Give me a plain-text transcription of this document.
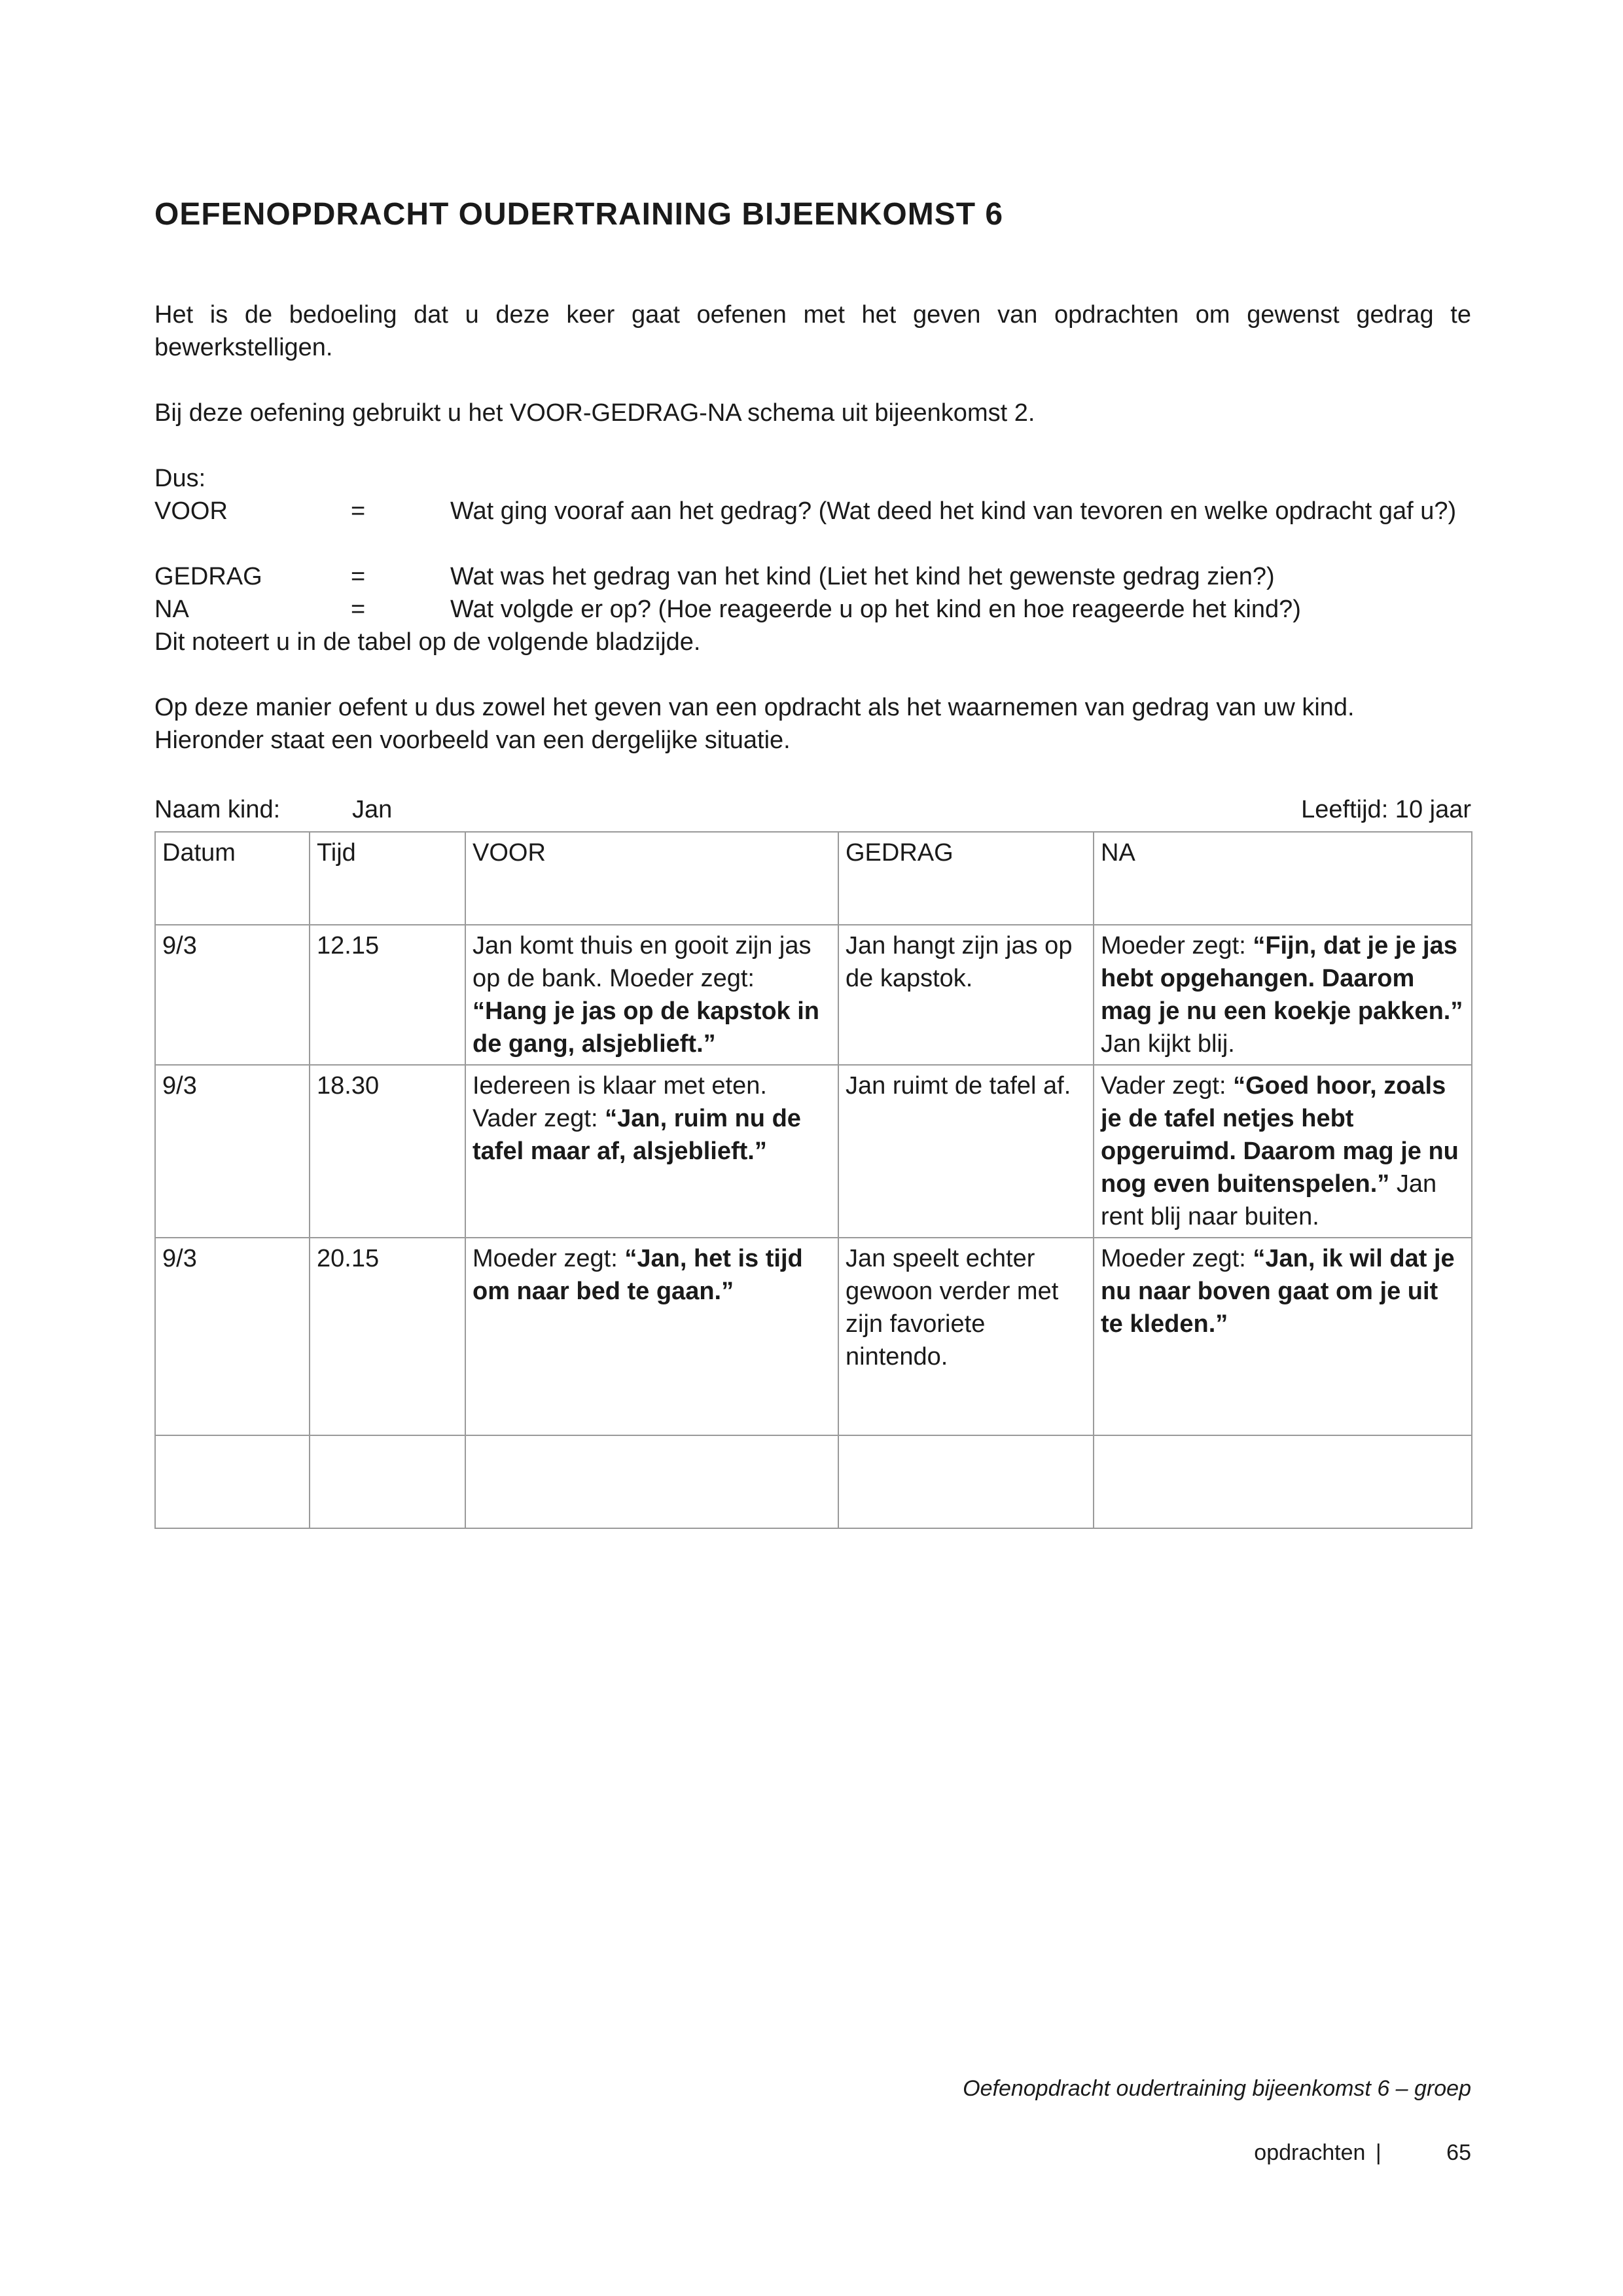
OEFENOPDRACHT OUDERTRAINING BIJEENKOMST 6

Het is de bedoeling dat u deze keer gaat oefenen met het geven van opdrachten om gewenst gedrag te bewerkstelligen.

Bij deze oefening gebruikt u het VOOR-GEDRAG-NA schema uit bijeenkomst 2.

Dus:

VOOR	=	Wat ging vooraf aan het gedrag? (Wat deed het kind van tevoren en welke opdracht gaf u?)
GEDRAG	=	Wat was het gedrag van het kind (Liet het kind het gewenste gedrag zien?)
NA	=	Wat volgde er op? (Hoe reageerde u op het kind en hoe reageerde het kind?)

Dit noteert u in de tabel op de volgende bladzijde.

Op deze manier oefent u dus zowel het geven van een opdracht als het waarnemen van gedrag van uw kind.

Hieronder staat een voorbeeld van een dergelijke situatie.

Naam kind:	Jan	Leeftijd: 10 jaar
Datum	Tijd	VOOR	GEDRAG	NA
9/3	12.15	Jan komt thuis en gooit zijn jas op de bank. Moeder zegt: “Hang je jas op de kapstok in de gang, alsjeblieft.”	Jan hangt zijn jas op de kapstok.	Moeder zegt: “Fijn, dat je je jas hebt opgehangen. Daarom mag je nu een koekje pakken.” Jan kijkt blij.
9/3	18.30	Iedereen is klaar met eten. Vader zegt: “Jan, ruim nu de tafel maar af, alsjeblieft.”	Jan ruimt de tafel af.	Vader zegt: “Goed hoor, zoals je de tafel netjes hebt opgeruimd. Daarom mag je nu nog even buitenspelen.” Jan rent blij naar buiten.
9/3	20.15	Moeder zegt: “Jan, het is tijd om naar bed te gaan.”	Jan speelt echter gewoon verder met zijn favoriete nintendo.	Moeder zegt: “Jan, ik wil dat je nu naar boven gaat om je uit te kleden.”

Oefenopdracht oudertraining bijeenkomst 6 – groep
opdrachten |	65
